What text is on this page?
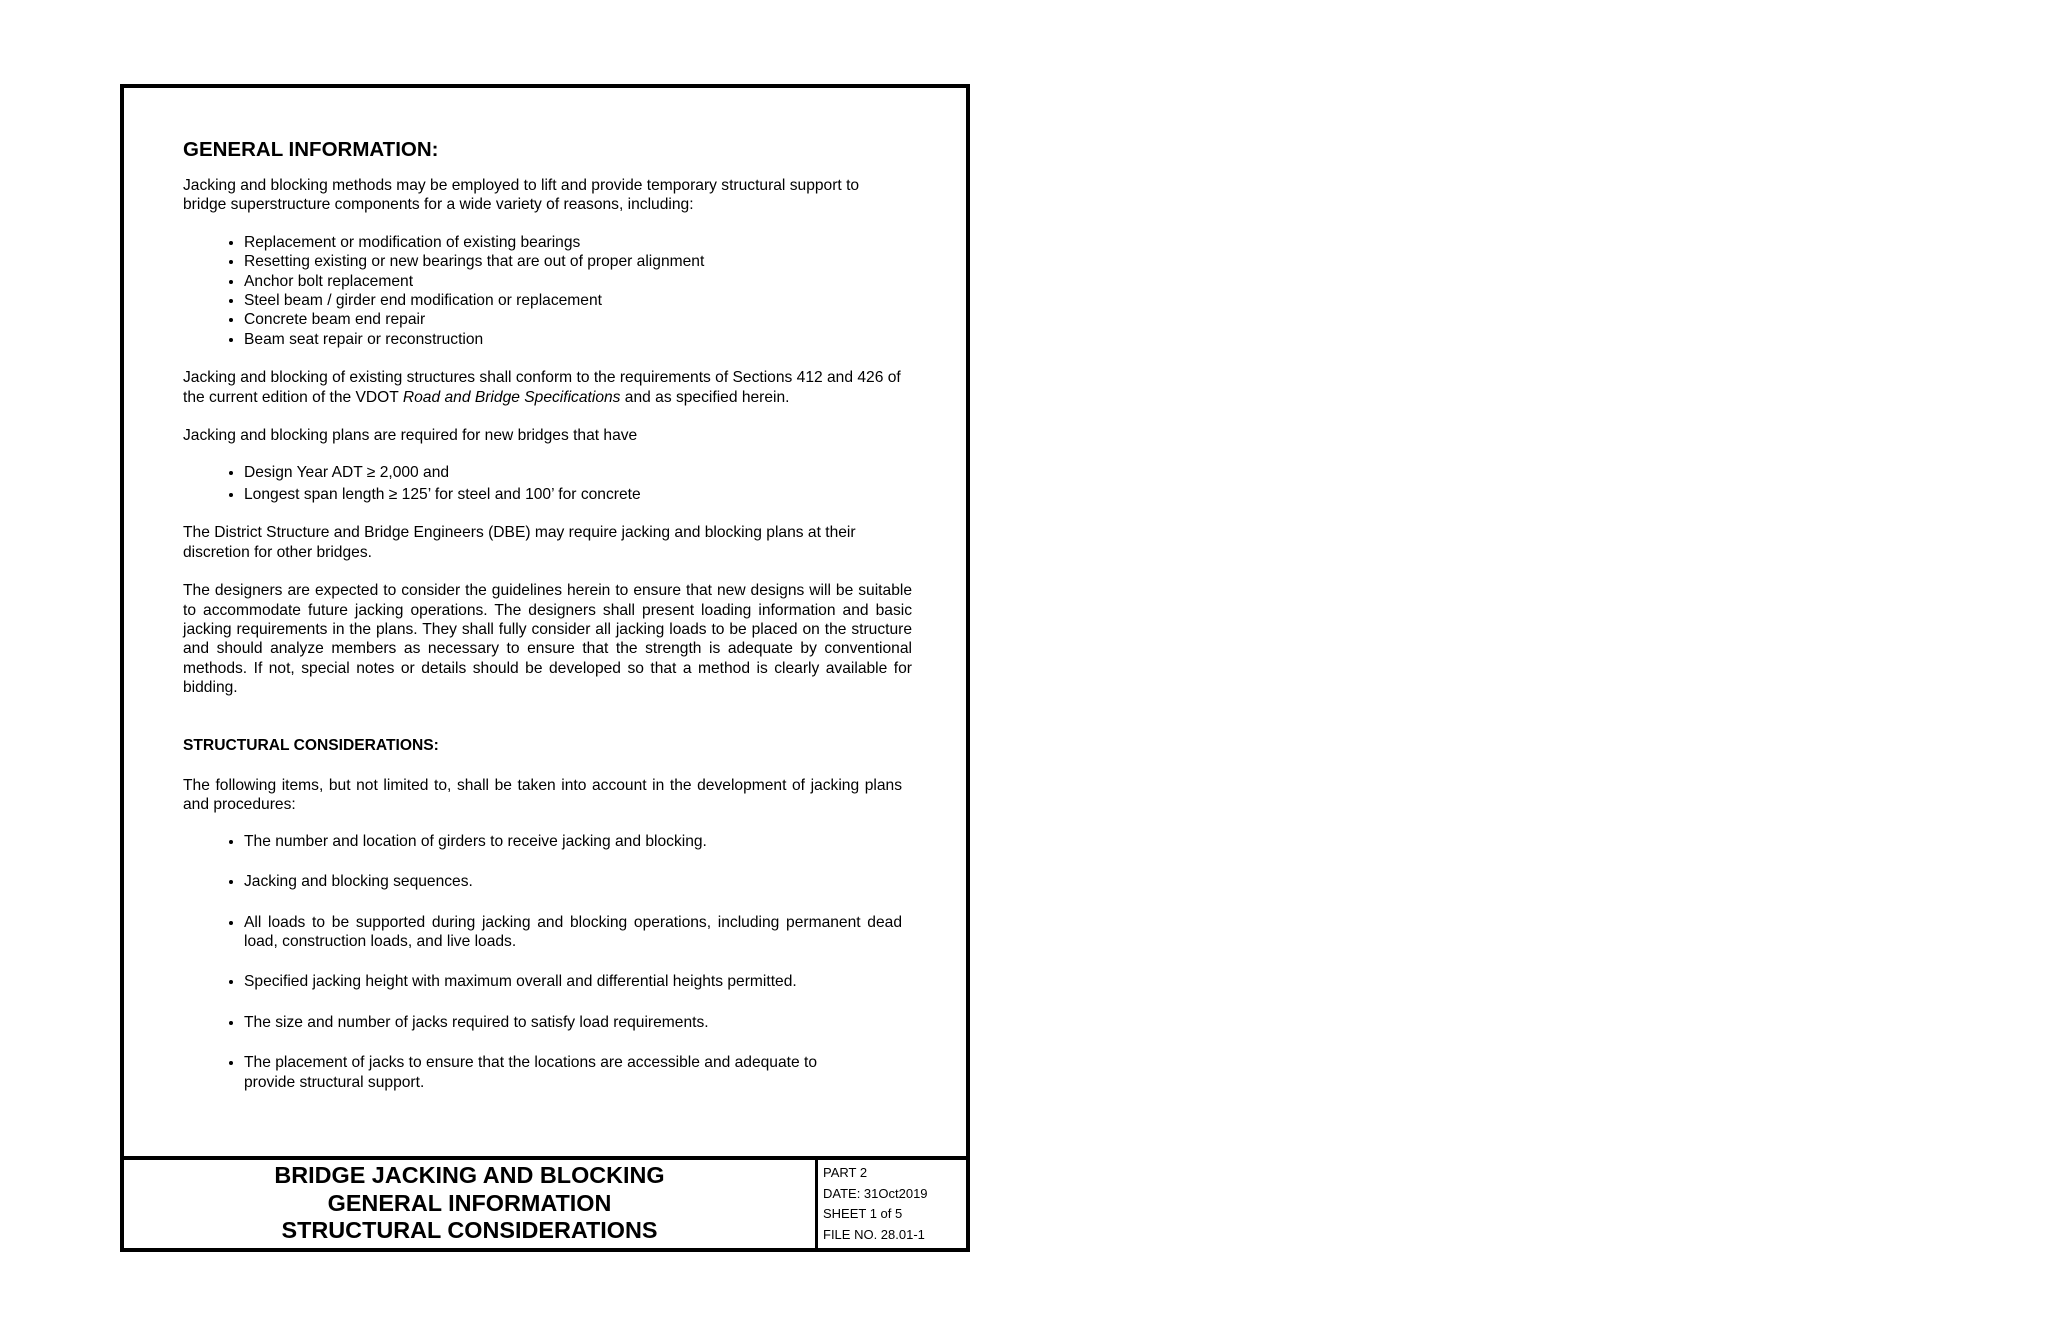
GENERAL INFORMATION:

Jacking and blocking methods may be employed to lift and provide temporary structural support to bridge superstructure components for a wide variety of reasons, including:

• Replacement or modification of existing bearings
• Resetting existing or new bearings that are out of proper alignment
• Anchor bolt replacement
• Steel beam / girder end modification or replacement
• Concrete beam end repair
• Beam seat repair or reconstruction

Jacking and blocking of existing structures shall conform to the requirements of Sections 412 and 426 of the current edition of the VDOT Road and Bridge Specifications and as specified herein.

Jacking and blocking plans are required for new bridges that have

• Design Year ADT ≥ 2,000 and
• Longest span length ≥ 125’ for steel and 100’ for concrete

The District Structure and Bridge Engineers (DBE) may require jacking and blocking plans at their discretion for other bridges.

The designers are expected to consider the guidelines herein to ensure that new designs will be suitable to accommodate future jacking operations. The designers shall present loading information and basic jacking requirements in the plans. They shall fully consider all jacking loads to be placed on the structure and should analyze members as necessary to ensure that the strength is adequate by conventional methods. If not, special notes or details should be developed so that a method is clearly available for bidding.

STRUCTURAL CONSIDERATIONS:

The following items, but not limited to, shall be taken into account in the development of jacking plans and procedures:

• The number and location of girders to receive jacking and blocking.
• Jacking and blocking sequences.
• All loads to be supported during jacking and blocking operations, including permanent dead load, construction loads, and live loads.
• Specified jacking height with maximum overall and differential heights permitted.
• The size and number of jacks required to satisfy load requirements.
• The placement of jacks to ensure that the locations are accessible and adequate to provide structural support.
BRIDGE JACKING AND BLOCKING
GENERAL INFORMATION
STRUCTURAL CONSIDERATIONS
PART 2
DATE: 31Oct2019
SHEET 1 of 5
FILE NO. 28.01-1
